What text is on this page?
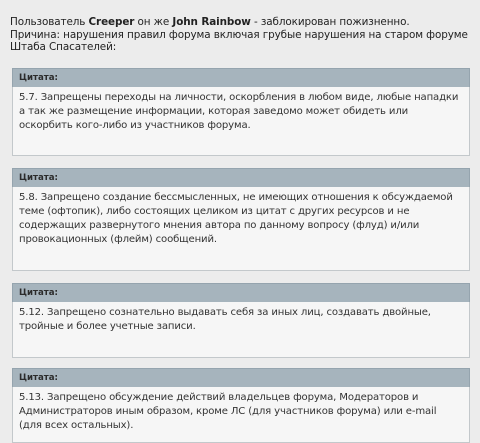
Пользователь Creeper он же John Rainbow - заблокирован пожизненно.
Причина: нарушения правил форума включая грубые нарушения на старом форуме Штаба Спасателей:
Цитата:
5.7. Запрещены переходы на личности, оскорбления в любом виде, любые нападки а так же размещение информации, которая заведомо может обидеть или оскорбить кого-либо из участников форума.
Цитата:
5.8. Запрещено создание бессмысленных, не имеющих отношения к обсуждаемой теме (офтопик), либо состоящих целиком из цитат с других ресурсов и не содержащих развернутого мнения автора по данному вопросу (флуд) и/или провокационных (флейм) сообщений.
Цитата:
5.12. Запрещено сознательно выдавать себя за иных лиц, создавать двойные, тройные и более учетные записи.
Цитата:
5.13. Запрещено обсуждение действий владельцев форума, Модераторов и Администраторов иным образом, кроме ЛС (для участников форума) или e-mail (для всех остальных).
